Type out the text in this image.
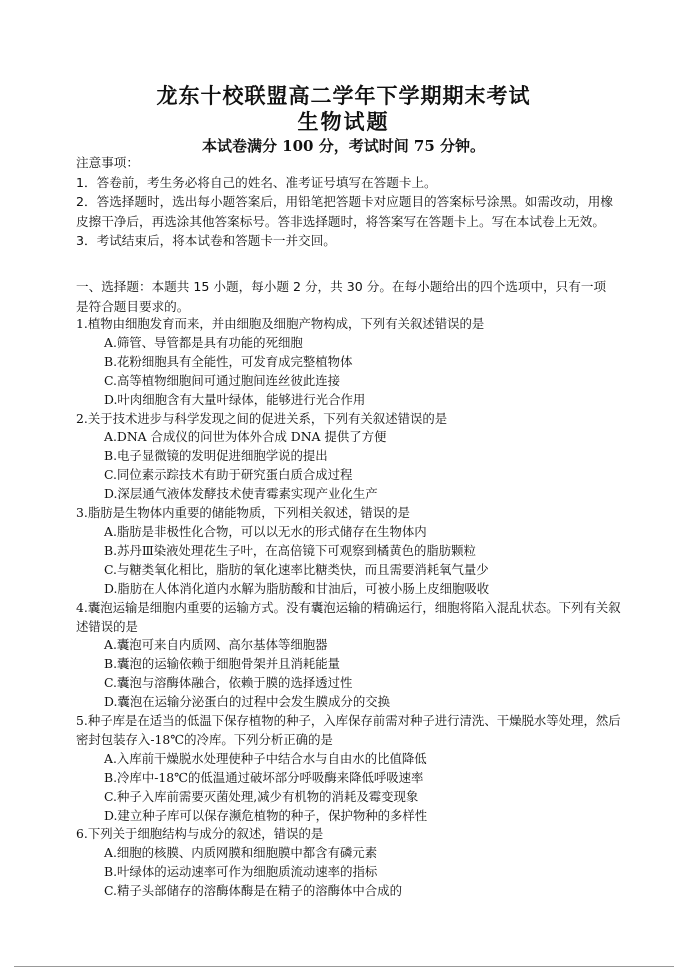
龙东十校联盟高二学年下学期期末考试
生物试题
本试卷满分 100 分，考试时间 75 分钟。

注意事项：

1．答卷前，考生务必将自己的姓名、准考证号填写在答题卡上。

2．答选择题时，选出每小题答案后，用铅笔把答题卡对应题目的答案标号涂黑。如需改动，用橡皮擦干净后，再选涂其他答案标号。答非选择题时，将答案写在答题卡上。写在本试卷上无效。

3．考试结束后，将本试卷和答题卡一并交回。

一、选择题：本题共 15 小题，每小题 2 分，共 30 分。在每小题给出的四个选项中，只有一项是符合题目要求的。

1.植物由细胞发育而来，并由细胞及细胞产物构成，下列有关叙述错误的是

A.筛管、导管都是具有功能的死细胞

B.花粉细胞具有全能性，可发育成完整植物体

C.高等植物细胞间可通过胞间连丝彼此连接

D.叶肉细胞含有大量叶绿体，能够进行光合作用

2.关于技术进步与科学发现之间的促进关系，下列有关叙述错误的是

A.DNA 合成仪的问世为体外合成 DNA 提供了方便

B.电子显微镜的发明促进细胞学说的提出

C.同位素示踪技术有助于研究蛋白质合成过程

D.深层通气液体发酵技术使青霉素实现产业化生产

3.脂肪是生物体内重要的储能物质，下列相关叙述，错误的是

A.脂肪是非极性化合物，可以以无水的形式储存在生物体内

B.苏丹Ⅲ染液处理花生子叶，在高倍镜下可观察到橘黄色的脂肪颗粒

C.与糖类氧化相比，脂肪的氧化速率比糖类快，而且需要消耗氧气量少

D.脂肪在人体消化道内水解为脂肪酸和甘油后，可被小肠上皮细胞吸收

4.囊泡运输是细胞内重要的运输方式。没有囊泡运输的精确运行，细胞将陷入混乱状态。下列有关叙述错误的是

A.囊泡可来自内质网、高尔基体等细胞器

B.囊泡的运输依赖于细胞骨架并且消耗能量

C.囊泡与溶酶体融合，依赖于膜的选择透过性

D.囊泡在运输分泌蛋白的过程中会发生膜成分的交换

5.种子库是在适当的低温下保存植物的种子，入库保存前需对种子进行清洗、干燥脱水等处理，然后密封包装存入-18℃的冷库。下列分析正确的是

A.入库前干燥脱水处理使种子中结合水与自由水的比值降低

B.冷库中-18℃的低温通过破坏部分呼吸酶来降低呼吸速率

C.种子入库前需要灭菌处理,减少有机物的消耗及霉变现象

D.建立种子库可以保存濒危植物的种子，保护物种的多样性

6.下列关于细胞结构与成分的叙述，错误的是

A.细胞的核膜、内质网膜和细胞膜中都含有磷元素

B.叶绿体的运动速率可作为细胞质流动速率的指标

C.精子头部储存的溶酶体酶是在精子的溶酶体中合成的
